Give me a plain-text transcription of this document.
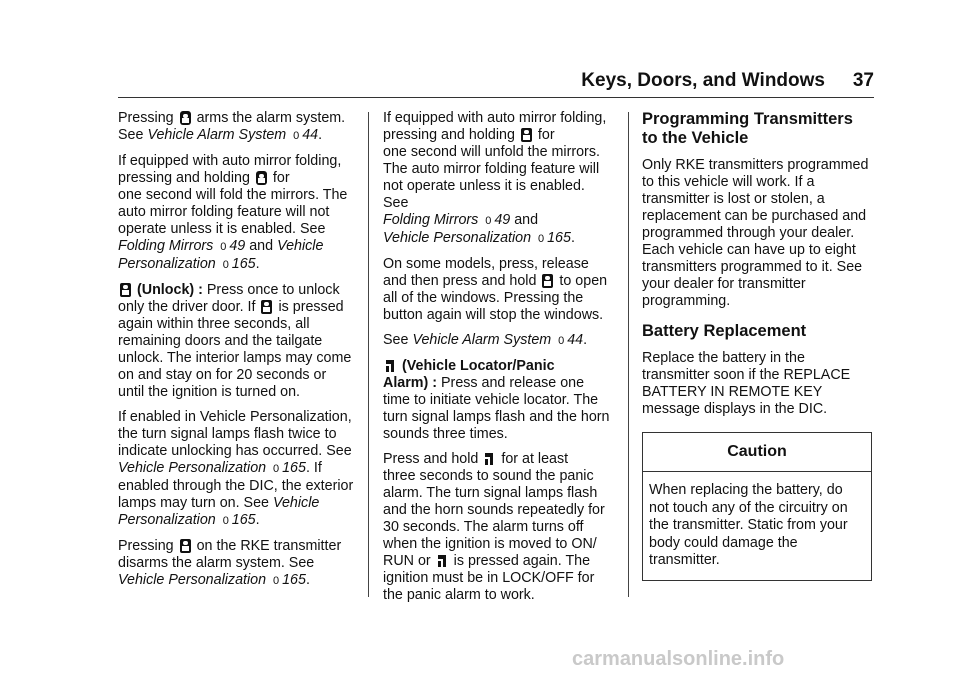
Keys, Doors, and Windows 37

Pressing arms the alarm system.
See Vehicle Alarm System 0 44.

If equipped with auto mirror folding,
pressing and holding for
one second will fold the mirrors. The auto mirror folding feature will not operate unless it is enabled. See
Folding Mirrors 0 49 and Vehicle
Personalization 0 165.

(Unlock) : Press once to unlock
only the driver door. If is pressed
again within three seconds, all remaining doors and the tailgate unlock. The interior lamps may come on and stay on for 20 seconds or until the ignition is turned on.

If enabled in Vehicle Personalization, the turn signal lamps flash twice to indicate unlocking has occurred. See Vehicle Personalization 0 165. If enabled through the DIC, the exterior lamps may turn on. See Vehicle Personalization 0 165.

Pressing on the RKE transmitter
disarms the alarm system. See
Vehicle Personalization 0 165.

If equipped with auto mirror folding,
pressing and holding for
one second will unfold the mirrors. The auto mirror folding feature will not operate unless it is enabled. See
Folding Mirrors 0 49 and
Vehicle Personalization 0 165.

On some models, press, release
and then press and hold to open
all of the windows. Pressing the button again will stop the windows.

See Vehicle Alarm System 0 44.

(Vehicle Locator/Panic
Alarm) : Press and release one time to initiate vehicle locator. The turn signal lamps flash and the horn sounds three times.

Press and hold for at least
three seconds to sound the panic alarm. The turn signal lamps flash and the horn sounds repeatedly for 30 seconds. The alarm turns off when the ignition is moved to ON/
RUN or is pressed again. The
ignition must be in LOCK/OFF for the panic alarm to work.

Programming Transmitters to the Vehicle

Only RKE transmitters programmed to this vehicle will work. If a transmitter is lost or stolen, a replacement can be purchased and programmed through your dealer. Each vehicle can have up to eight transmitters programmed to it. See your dealer for transmitter programming.

Battery Replacement

Replace the battery in the transmitter soon if the REPLACE BATTERY IN REMOTE KEY message displays in the DIC.

Caution
When replacing the battery, do not touch any of the circuitry on the transmitter. Static from your body could damage the transmitter.
carmanualsonline.info
